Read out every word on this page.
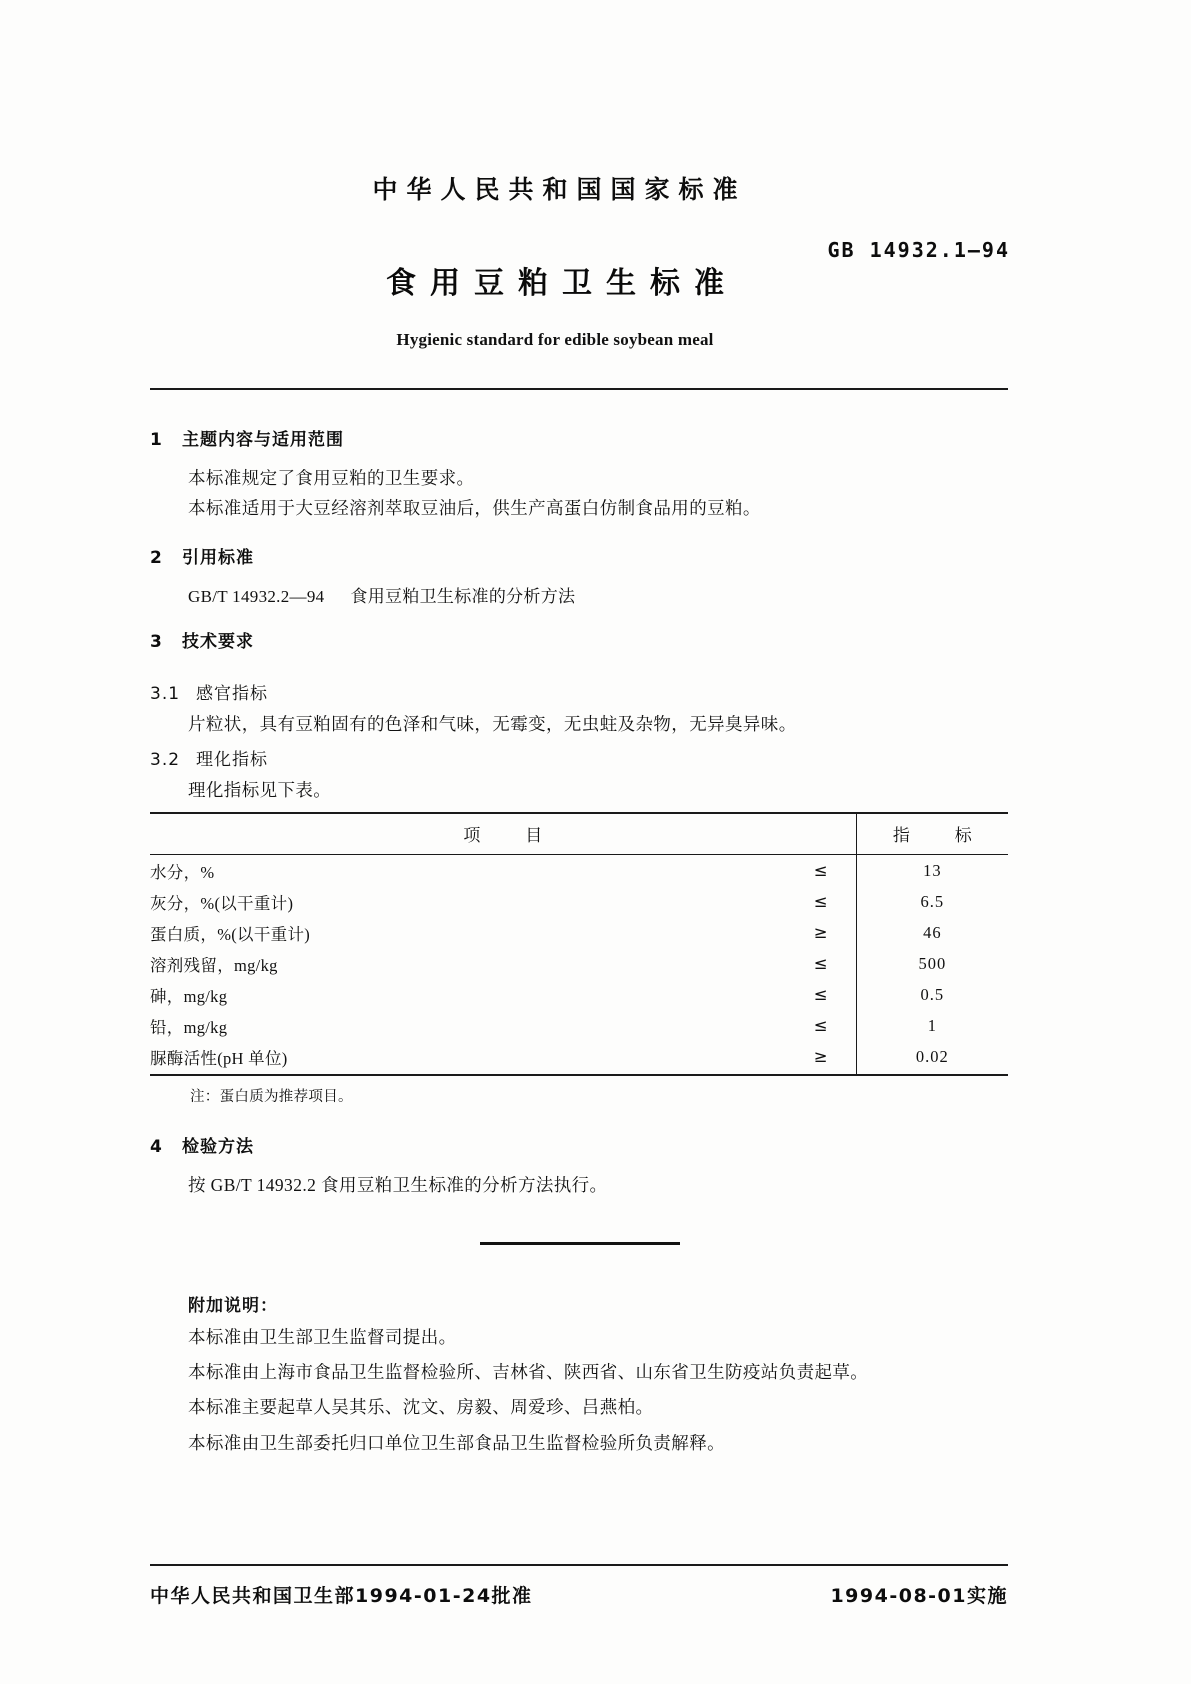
中华人民共和国国家标准
GB 14932.1—94
食用豆粕卫生标准
Hygienic standard for edible soybean meal
1 主题内容与适用范围

本标准规定了食用豆粕的卫生要求。

本标准适用于大豆经溶剂萃取豆油后，供生产高蛋白仿制食品用的豆粕。

2 引用标准

GB/T 14932.2—94 食用豆粕卫生标准的分析方法

3 技术要求
3.1 感官指标

片粒状，具有豆粕固有的色泽和气味，无霉变，无虫蛀及杂物，无异臭异味。

3.2 理化指标

理化指标见下表。

项　目		指　标
水分，%	≤	13
灰分，%(以干重计)	≤	6.5
蛋白质，%(以干重计)	≥	46
溶剂残留，mg/kg	≤	500
砷，mg/kg	≤	0.5
铅，mg/kg	≤	1
脲酶活性(pH 单位)	≥	0.02
注：蛋白质为推荐项目。
4 检验方法

按 GB/T 14932.2 食用豆粕卫生标准的分析方法执行。

附加说明：

本标准由卫生部卫生监督司提出。

本标准由上海市食品卫生监督检验所、吉林省、陕西省、山东省卫生防疫站负责起草。

本标准主要起草人吴其乐、沈文、房毅、周爱珍、吕燕柏。

本标准由卫生部委托归口单位卫生部食品卫生监督检验所负责解释。

中华人民共和国卫生部1994-01-24批准	1994-08-01实施
